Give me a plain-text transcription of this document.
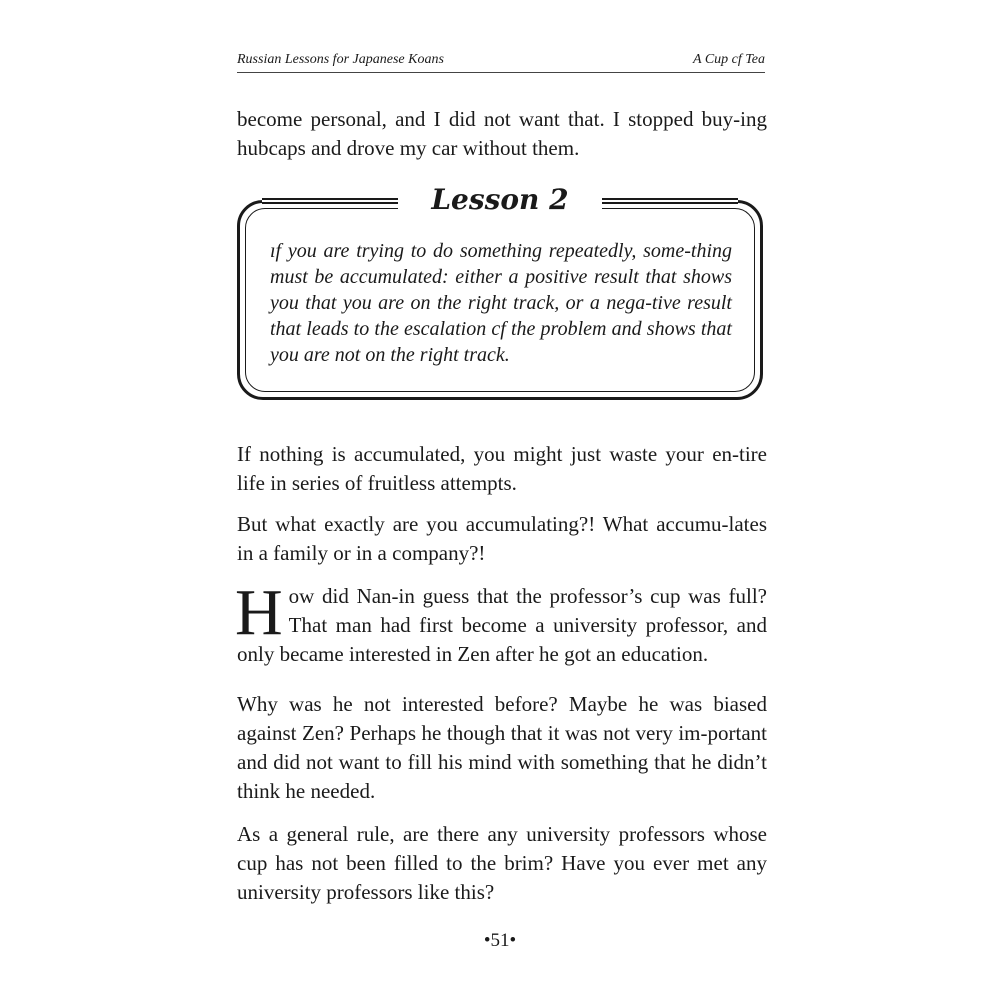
Russian Lessons for Japanese Koans	A Cup cf Tea

become personal, and I did not want that. I stopped buy-ing hubcaps and drove my car without them.

Lesson 2

ıf you are trying to do something repeatedly, some-thing must be accumulated: either a positive result that shows you that you are on the right track, or a nega-tive result that leads to the escalation cf the problem and shows that you are not on the right track.

If nothing is accumulated, you might just waste your en-tire life in series of fruitless attempts.

But what exactly are you accumulating?! What accumu-lates in a family or in a company?!

How did Nan-in guess that the professor’s cup was full? That man had first become a university professor, and only became interested in Zen after he got an education.

Why was he not interested before? Maybe he was biased against Zen? Perhaps he though that it was not very im-portant and did not want to fill his mind with something that he didn’t think he needed.

As a general rule, are there any university professors whose cup has not been filled to the brim? Have you ever met any university professors like this?

•51•
